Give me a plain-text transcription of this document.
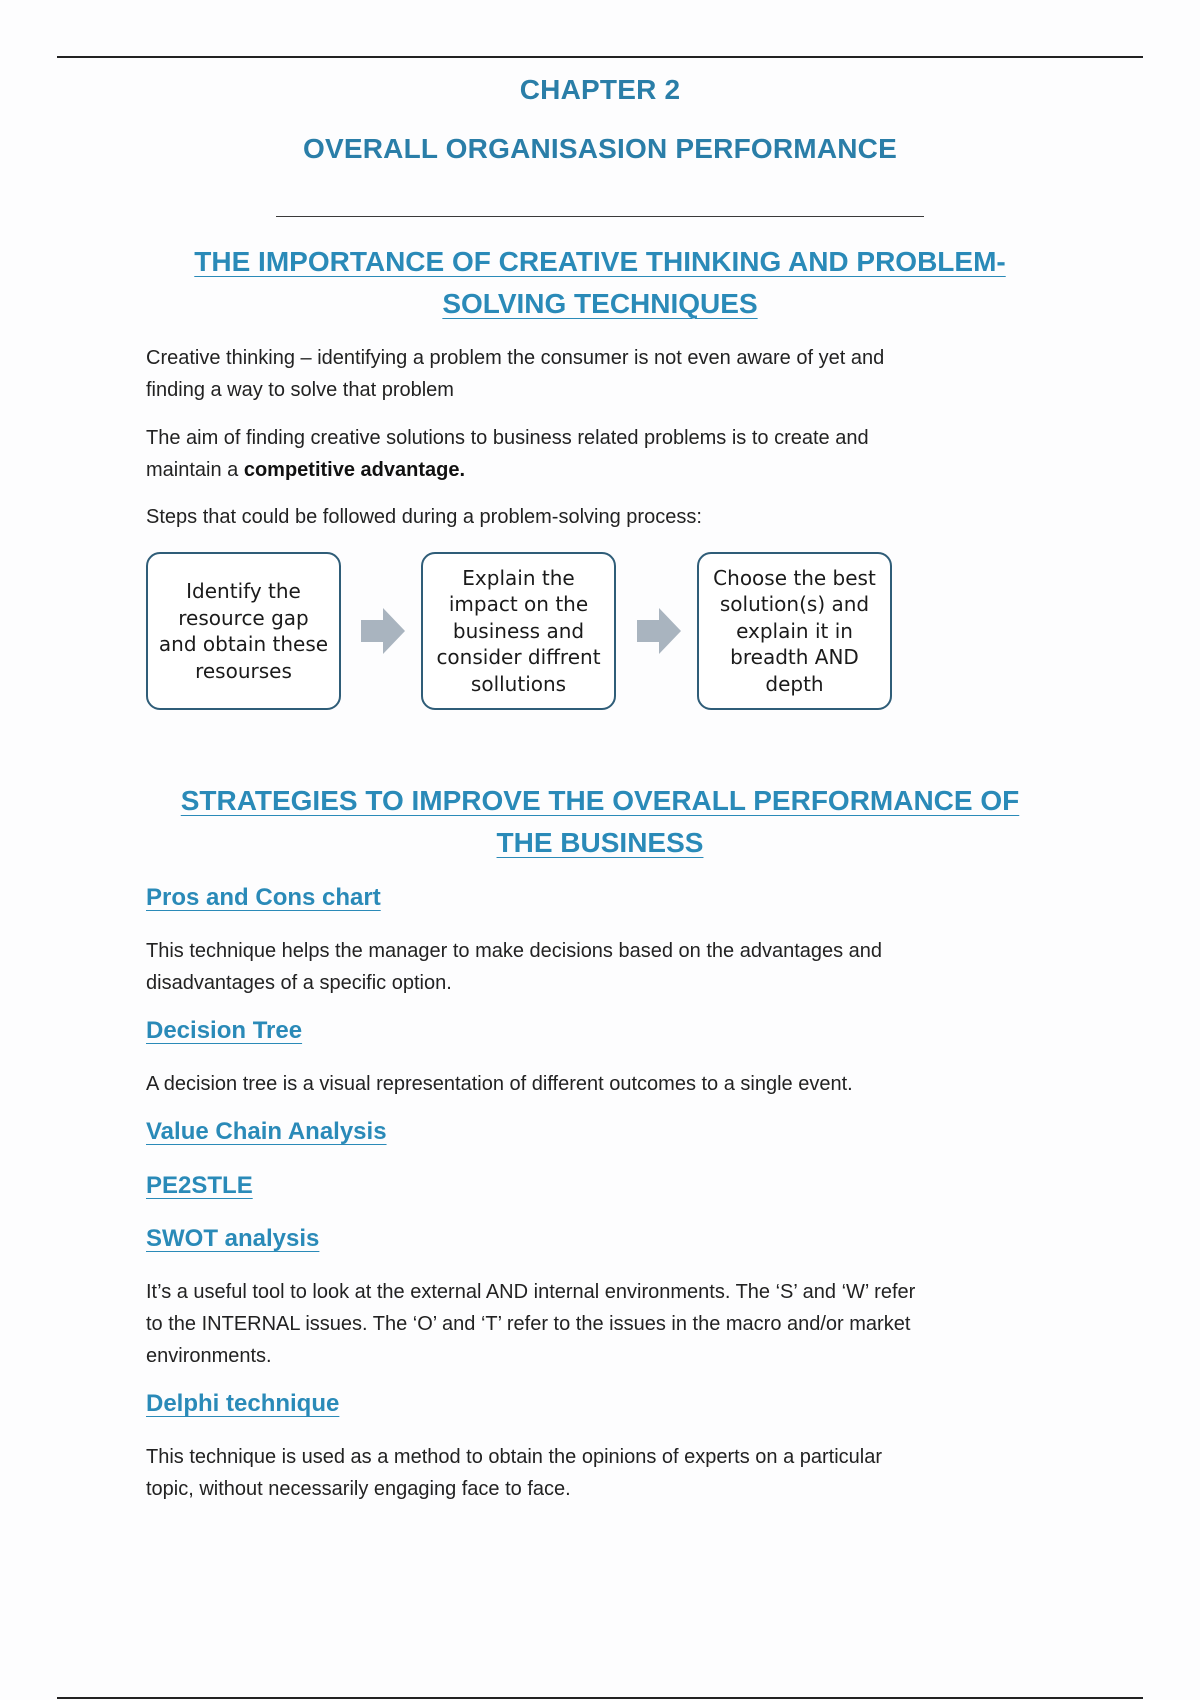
CHAPTER 2
OVERALL ORGANISASION PERFORMANCE
THE IMPORTANCE OF CREATIVE THINKING AND PROBLEM-
SOLVING TECHNIQUES
Creative thinking – identifying a problem the consumer is not even aware of yet and
finding a way to solve that problem
The aim of finding creative solutions to business related problems is to create and
maintain a competitive advantage.
Steps that could be followed during a problem-solving process:
Identify the resource gap and obtain these resourses
Explain the impact on the business and consider diffrent sollutions
Choose the best solution(s) and explain it in breadth AND depth
STRATEGIES TO IMPROVE THE OVERALL PERFORMANCE OF
THE BUSINESS
Pros and Cons chart
This technique helps the manager to make decisions based on the advantages and
disadvantages of a specific option.
Decision Tree
A decision tree is a visual representation of different outcomes to a single event.
Value Chain Analysis
PE2STLE
SWOT analysis
It’s a useful tool to look at the external AND internal environments. The ‘S’ and ‘W’ refer
to the INTERNAL issues. The ‘O’ and ‘T’ refer to the issues in the macro and/or market
environments.
Delphi technique
This technique is used as a method to obtain the opinions of experts on a particular
topic, without necessarily engaging face to face.
